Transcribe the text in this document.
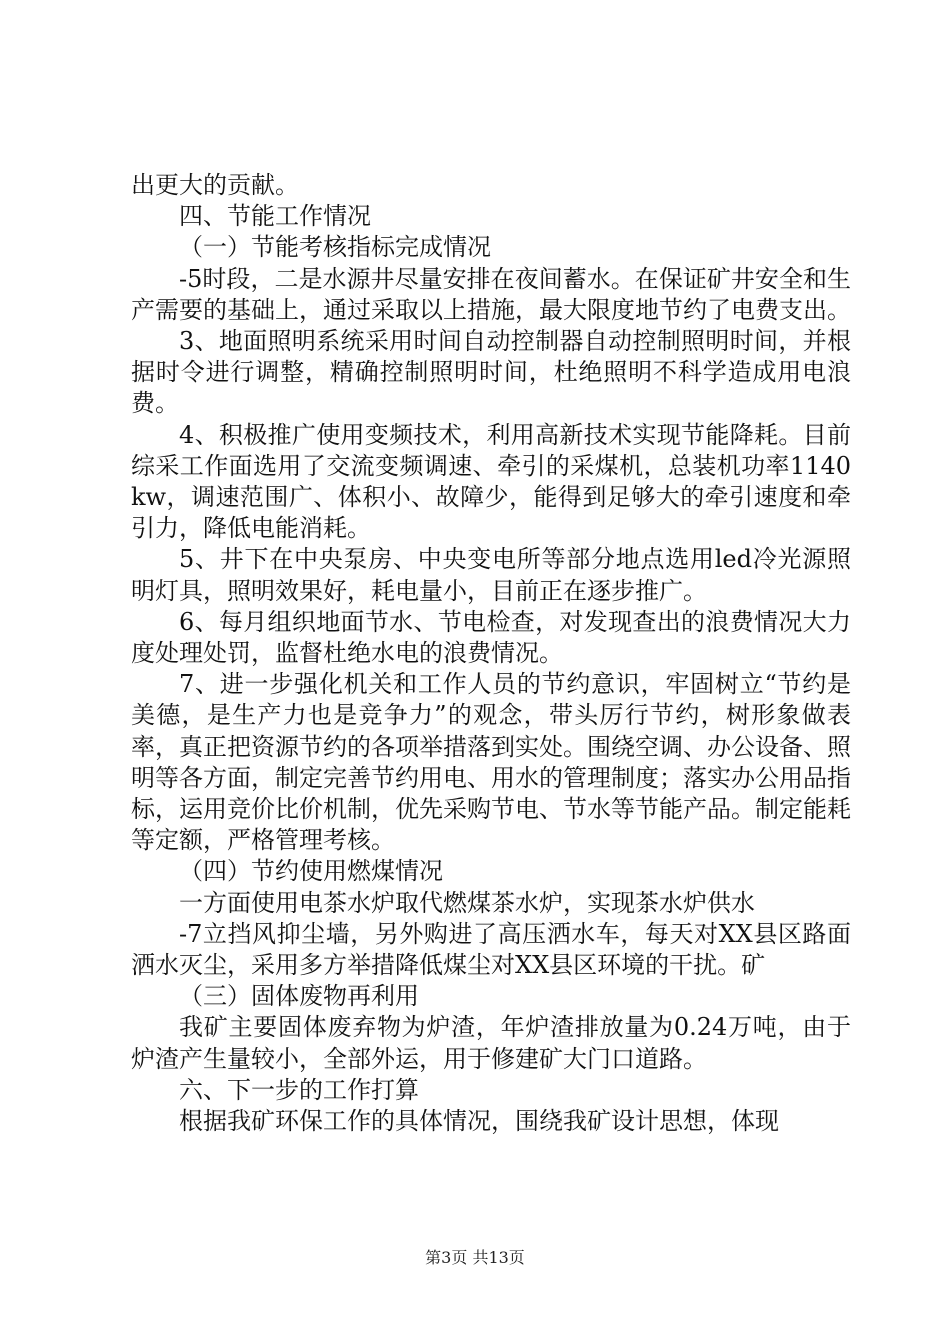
出更大的贡献。

四、节能工作情况

（一）节能考核指标完成情况

-5时段，二是水源井尽量安排在夜间蓄水。在保证矿井安全和生产需要的基础上，通过采取以上措施，最大限度地节约了电费支出。

3、地面照明系统采用时间自动控制器自动控制照明时间，并根据时令进行调整，精确控制照明时间，杜绝照明不科学造成用电浪费。

4、积极推广使用变频技术，利用高新技术实现节能降耗。目前综采工作面选用了交流变频调速、牵引的采煤机，总装机功率1140kw，调速范围广、体积小、故障少，能得到足够大的牵引速度和牵引力，降低电能消耗。

5、井下在中央泵房、中央变电所等部分地点选用led冷光源照明灯具，照明效果好，耗电量小，目前正在逐步推广。

6、每月组织地面节水、节电检查，对发现查出的浪费情况大力度处理处罚，监督杜绝水电的浪费情况。

7、进一步强化机关和工作人员的节约意识，牢固树立“节约是美德，是生产力也是竞争力”的观念，带头厉行节约，树形象做表率，真正把资源节约的各项举措落到实处。围绕空调、办公设备、照明等各方面，制定完善节约用电、用水的管理制度；落实办公用品指标，运用竞价比价机制，优先采购节电、节水等节能产品。制定能耗等定额，严格管理考核。

（四）节约使用燃煤情况

一方面使用电茶水炉取代燃煤茶水炉，实现茶水炉供水

-7立挡风抑尘墙，另外购进了高压洒水车，每天对XX县区路面洒水灭尘，采用多方举措降低煤尘对XX县区环境的干扰。矿

（三）固体废物再利用

我矿主要固体废弃物为炉渣，年炉渣排放量为0.24万吨，由于炉渣产生量较小，全部外运，用于修建矿大门口道路。

六、下一步的工作打算

根据我矿环保工作的具体情况，围绕我矿设计思想，体现

第3页 共13页
